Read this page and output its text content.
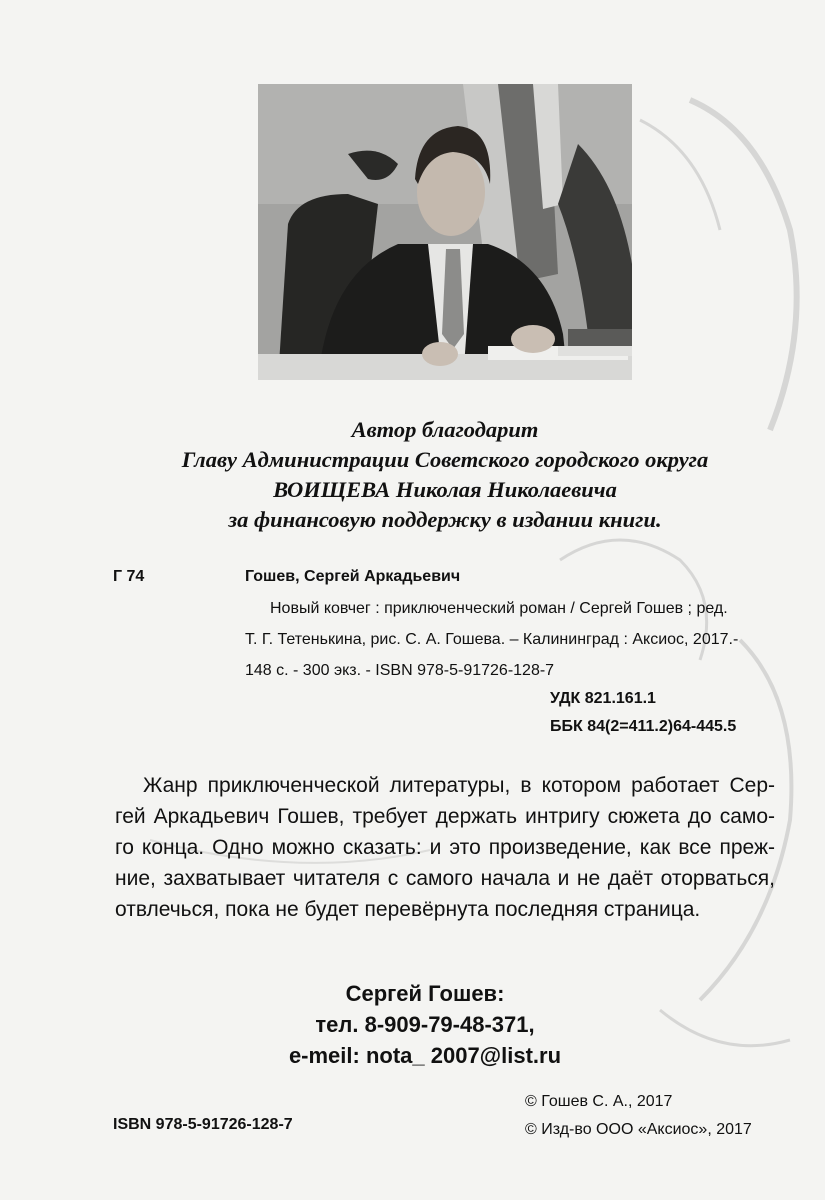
Автор благодарит
Главу Администрации Советского городского округа
ВОИЩЕВА Николая Николаевича
за финансовую поддержку в издании книги.
Г 74	Гошев, Сергей Аркадьевич
Новый ковчег : приключенческий роман / Сергей Гошев ; ред.
Т. Г. Тетенькина, рис. С. А. Гошева. – Калининград : Аксиос, 2017.-
148 с. - 300 экз. - ISBN 978-5-91726-128-7
УДК 821.161.1
ББК 84(2=411.2)64-445.5
Жанр приключенческой литературы, в котором работает Сер-
гей Аркадьевич Гошев, требует держать интригу сюжета до само-
го конца. Одно можно сказать: и это произведение, как все преж-
ние, захватывает читателя с самого начала и не даёт оторваться,
отвлечься, пока не будет перевёрнута последняя страница.
Сергей Гошев:
тел. 8-909-79-48-371,
e-meil: nota_ 2007@list.ru
© Гошев С. А., 2017
© Изд-во ООО «Аксиос», 2017
ISBN 978-5-91726-128-7
